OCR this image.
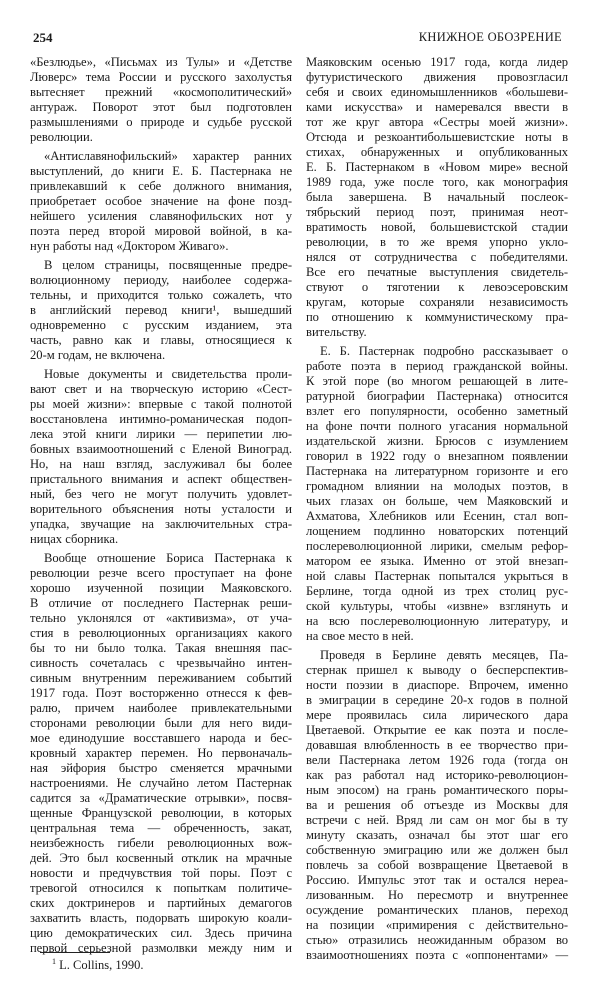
254	КНИЖНОЕ ОБОЗРЕНИЕ
«Безлюдье», «Письмах из Тулы» и «Детстве
Люверс» тема России и русского захолустья
вытесняет прежний «космополитический»
антураж. Поворот этот был подготовлен
размышлениями о природе и судьбе русской
революции.
«Антиславянофильский» характер ранних
выступлений, до книги Е. Б. Пастернака не
привлекавший к себе должного внимания,
приобретает особое значение на фоне позд-
нейшего усиления славянофильских нот у
поэта перед второй мировой войной, в ка-
нун работы над «Доктором Живаго».
В целом страницы, посвященные предре-
волюционному периоду, наиболее содержа-
тельны, и приходится только сожалеть, что
в английский перевод книги¹, вышедший
одновременно с русским изданием, эта
часть, равно как и главы, относящиеся к
20-м годам, не включена.
Новые документы и свидетельства проли-
вают свет и на творческую историю «Сест-
ры моей жизни»: впервые с такой полнотой
восстановлена интимно-романическая подоп-
лека этой книги лирики — перипетии лю-
бовных взаимоотношений с Еленой Виноград.
Но, на наш взгляд, заслуживал бы более
пристального внимания и аспект обществен-
ный, без чего не могут получить удовлет-
ворительного объяснения ноты усталости и
упадка, звучащие на заключительных стра-
ницах сборника.
Вообще отношение Бориса Пастернака к
революции резче всего проступает на фоне
хорошо изученной позиции Маяковского.
В отличие от последнего Пастернак реши-
тельно уклонялся от «активизма», от уча-
стия в революционных организациях какого
бы то ни было толка. Такая внешняя пас-
сивность сочеталась с чрезвычайно интен-
сивным внутренним переживанием событий
1917 года. Поэт восторженно отнесся к фев-
ралю, причем наиболее привлекательными
сторонами революции были для него види-
мое единодушие восставшего народа и бес-
кровный характер перемен. Но первоначаль-
ная эйфория быстро сменяется мрачными
настроениями. Не случайно летом Пастернак
садится за «Драматические отрывки», посвя-
щенные Французской революции, в которых
центральная тема — обреченность, закат,
неизбежность гибели революционных вож-
дей. Это был косвенный отклик на мрачные
новости и предчувствия той поры. Поэт с
тревогой относился к попыткам политиче-
ских доктринеров и партийных демагогов
захватить власть, подорвать широкую коали-
цию демократических сил. Здесь причина
первой серьезной размолвки между ним и
Маяковским осенью 1917 года, когда лидер
футуристического движения провозгласил
себя и своих единомышленников «большеви-
ками искусства» и намеревался ввести в
тот же круг автора «Сестры моей жизни».
Отсюда и резкоантибольшевистские ноты в
стихах, обнаруженных и опубликованных
Е. Б. Пастернаком в «Новом мире» весной
1989 года, уже после того, как монография
была завершена. В начальный послеок-
тябрьский период поэт, принимая неот-
вратимость новой, большевистской стадии
революции, в то же время упорно укло-
нялся от сотрудничества с победителями.
Все его печатные выступления свидетель-
ствуют о тяготении к левоэсеровским
кругам, которые сохраняли независимость
по отношению к коммунистическому пра-
вительству.
Е. Б. Пастернак подробно рассказывает о
работе поэта в период гражданской войны.
К этой поре (во многом решающей в лите-
ратурной биографии Пастернака) относится
взлет его популярности, особенно заметный
на фоне почти полного угасания нормальной
издательской жизни. Брюсов с изумлением
говорил в 1922 году о внезапном появлении
Пастернака на литературном горизонте и его
громадном влиянии на молодых поэтов, в
чьих глазах он больше, чем Маяковский и
Ахматова, Хлебников или Есенин, стал воп-
лощением подлинно новаторских потенций
послереволюционной лирики, смелым рефор-
матором ее языка. Именно от этой внезап-
ной славы Пастернак попытался укрыться в
Берлине, тогда одной из трех столиц рус-
ской культуры, чтобы «извне» взглянуть и
на всю послереволюционную литературу, и
на свое место в ней.
Проведя в Берлине девять месяцев, Па-
стернак пришел к выводу о бесперспектив-
ности поэзии в диаспоре. Впрочем, именно
в эмиграции в середине 20-х годов в полной
мере проявилась сила лирического дара
Цветаевой. Открытие ее как поэта и после-
довавшая влюбленность в ее творчество при-
вели Пастернака летом 1926 года (тогда он
как раз работал над историко-революцион-
ным эпосом) на грань романтического поры-
ва и решения об отъезде из Москвы для
встречи с ней. Вряд ли сам он мог бы в ту
минуту сказать, означал бы этот шаг его
собственную эмиграцию или же должен был
повлечь за собой возвращение Цветаевой в
Россию. Импульс этот так и остался нереа-
лизованным. Но пересмотр и внутреннее
осуждение романтических планов, переход
на позиции «примирения с действительно-
стью» отразились неожиданным образом во
взаимоотношениях поэта с «оппонентами» —
$^1$ L. Collins, 1990.
